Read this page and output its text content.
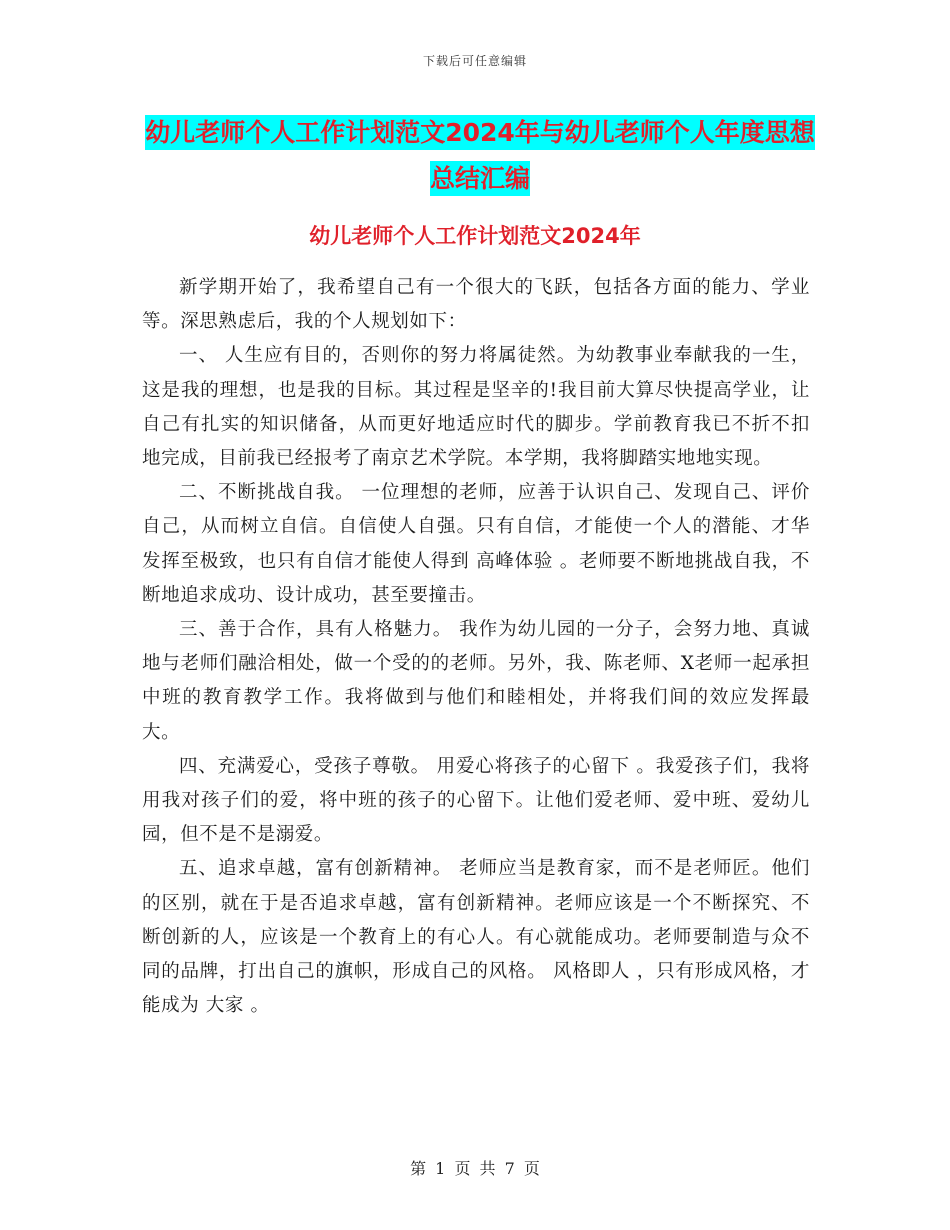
下载后可任意编辑
幼儿老师个人工作计划范文2024年与幼儿老师个人年度思想总结汇编
幼儿老师个人工作计划范文2024年

新学期开始了，我希望自己有一个很大的飞跃，包括各方面的能力、学业等。深思熟虑后，我的个人规划如下：

一、 人生应有目的，否则你的努力将属徒然。为幼教事业奉献我的一生，这是我的理想，也是我的目标。其过程是坚辛的!我目前大算尽快提高学业，让自己有扎实的知识储备，从而更好地适应时代的脚步。学前教育我已不折不扣地完成，目前我已经报考了南京艺术学院。本学期，我将脚踏实地地实现。

二、不断挑战自我。 一位理想的老师，应善于认识自己、发现自己、评价自己，从而树立自信。自信使人自强。只有自信，才能使一个人的潜能、才华发挥至极致，也只有自信才能使人得到 高峰体验 。老师要不断地挑战自我，不断地追求成功、设计成功，甚至要撞击。

三、善于合作，具有人格魅力。 我作为幼儿园的一分子，会努力地、真诚地与老师们融洽相处，做一个受的的老师。另外，我、陈老师、X老师一起承担中班的教育教学工作。我将做到与他们和睦相处，并将我们间的效应发挥最大。

四、充满爱心，受孩子尊敬。 用爱心将孩子的心留下 。我爱孩子们，我将用我对孩子们的爱，将中班的孩子的心留下。让他们爱老师、爱中班、爱幼儿园，但不是不是溺爱。

五、追求卓越，富有创新精神。 老师应当是教育家，而不是老师匠。他们的区别，就在于是否追求卓越，富有创新精神。老师应该是一个不断探究、不断创新的人，应该是一个教育上的有心人。有心就能成功。老师要制造与众不同的品牌，打出自己的旗帜，形成自己的风格。 风格即人 ，只有形成风格，才能成为 大家 。

第 1 页 共 7 页
